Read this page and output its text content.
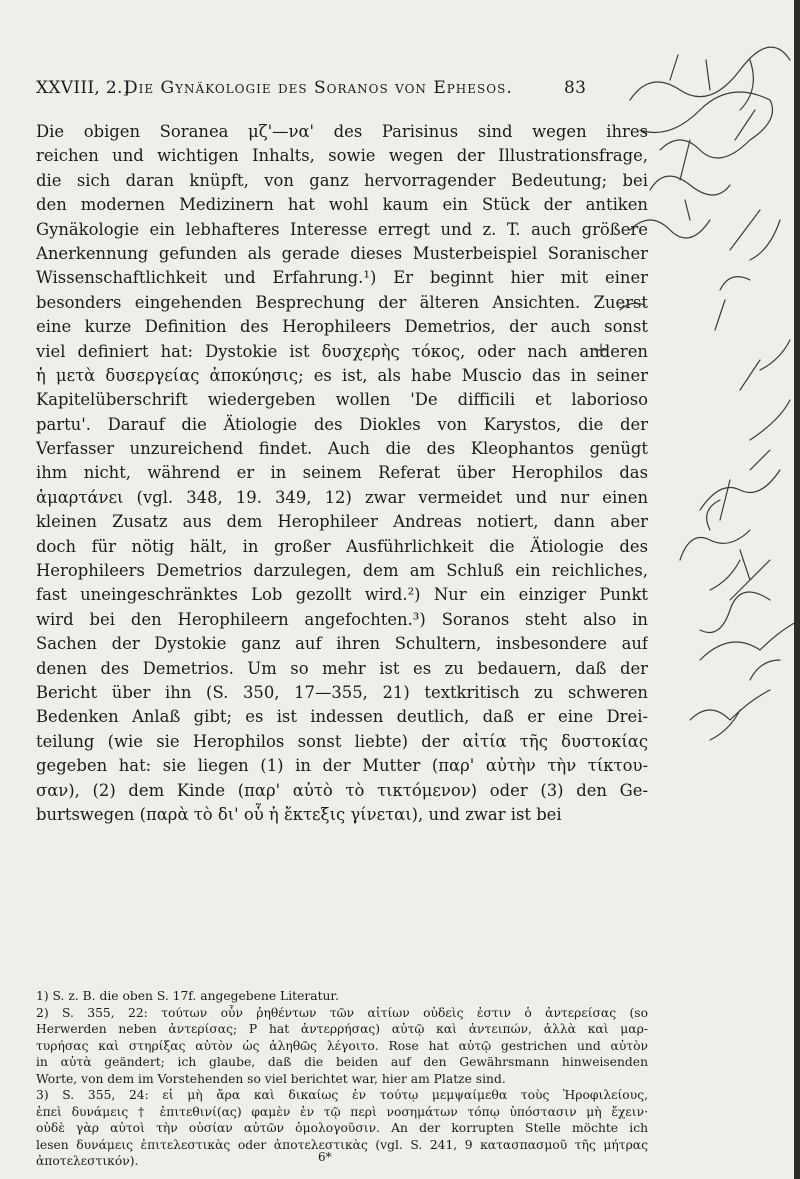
XXVIII, 2.]
Die Gynäkologie des Soranos von Ephesos.	83
Die obigen Soranea μζ'—να' des Parisinus sind wegen ihres
reichen und wichtigen Inhalts, sowie wegen der Illustrationsfrage,
die sich daran knüpft, von ganz hervorragender Bedeutung; bei
den modernen Medizinern hat wohl kaum ein Stück der antiken
Gynäkologie ein lebhafteres Interesse erregt und z. T. auch größere
Anerkennung gefunden als gerade dieses Musterbeispiel Soranischer
Wissenschaftlichkeit und Erfahrung.¹) Er beginnt hier mit einer
besonders eingehenden Besprechung der älteren Ansichten. Zuerst
eine kurze Definition des Herophileers Demetrios, der auch sonst
viel definiert hat: Dystokie ist δυσχερὴς τόκος, oder nach anderen
ἡ μετὰ δυσεργείας ἀποκύησις; es ist, als habe Muscio das in seiner
Kapitelüberschrift wiedergeben wollen 'De difficili et laborioso
partu'. Darauf die Ätiologie des Diokles von Karystos, die der
Verfasser unzureichend findet. Auch die des Kleophantos genügt
ihm nicht, während er in seinem Referat über Herophilos das
ἁμαρτάνει (vgl. 348, 19. 349, 12) zwar vermeidet und nur einen
kleinen Zusatz aus dem Herophileer Andreas notiert, dann aber
doch für nötig hält, in großer Ausführlichkeit die Ätiologie des
Herophileers Demetrios darzulegen, dem am Schluß ein reichliches,
fast uneingeschränktes Lob gezollt wird.²) Nur ein einziger Punkt
wird bei den Herophileern angefochten.³) Soranos steht also in
Sachen der Dystokie ganz auf ihren Schultern, insbesondere auf
denen des Demetrios. Um so mehr ist es zu bedauern, daß der
Bericht über ihn (S. 350, 17—355, 21) textkritisch zu schweren
Bedenken Anlaß gibt; es ist indessen deutlich, daß er eine Drei-
teilung (wie sie Herophilos sonst liebte) der αἰτία τῆς δυστοκίας
gegeben hat: sie liegen (1) in der Mutter (παρ' αὐτὴν τὴν τίκτου-
σαν), (2) dem Kinde (παρ' αὐτὸ τὸ τικτόμενον) oder (3) den Ge-
burtswegen (παρὰ τὸ δι' οὗ ἡ ἔκτεξις γίνεται), und zwar ist bei
1) S. z. B. die oben S. 17f. angegebene Literatur.
2) S. 355, 22: τούτων οὖν ῥηθέντων τῶν αἰτίων οὐδεὶς ἐστιν ὁ ἀντερείσας (so
Herwerden neben ἀντερίσας; P hat ἀντερρήσας) αὐτῷ καὶ ἀντειπών, ἀλλὰ καὶ μαρ-
τυρήσας καὶ στηρίξας αὐτὸν ὡς ἀληθῶς λέγοιτο. Rose hat αὐτῷ gestrichen und αὐτὸν
in αὐτὰ geändert; ich glaube, daß die beiden auf den Gewährsmann hinweisenden
Worte, von dem im Vorstehenden so viel berichtet war, hier am Platze sind.
3) S. 355, 24: εἰ μὴ ἄρα καὶ δικαίως ἐν τούτῳ μεμψαίμεθα τοὺς Ἡροφιλείους,
ἐπεὶ δυνάμεις † ἐπιτεθινί(ας) φαμὲν ἐν τῷ περὶ νοσημάτων τόπῳ ὑπόστασιν μὴ ἔχειν·
οὐδὲ γὰρ αὐτοὶ τὴν οὐσίαν αὐτῶν ὁμολογοῦσιν. An der korrupten Stelle möchte ich
lesen δυνάμεις ἐπιτελεστικὰς oder ἀποτελεστικὰς (vgl. S. 241, 9 κατασπασμοῦ τῆς μήτρας
ἀποτελεστικόν).	6*
